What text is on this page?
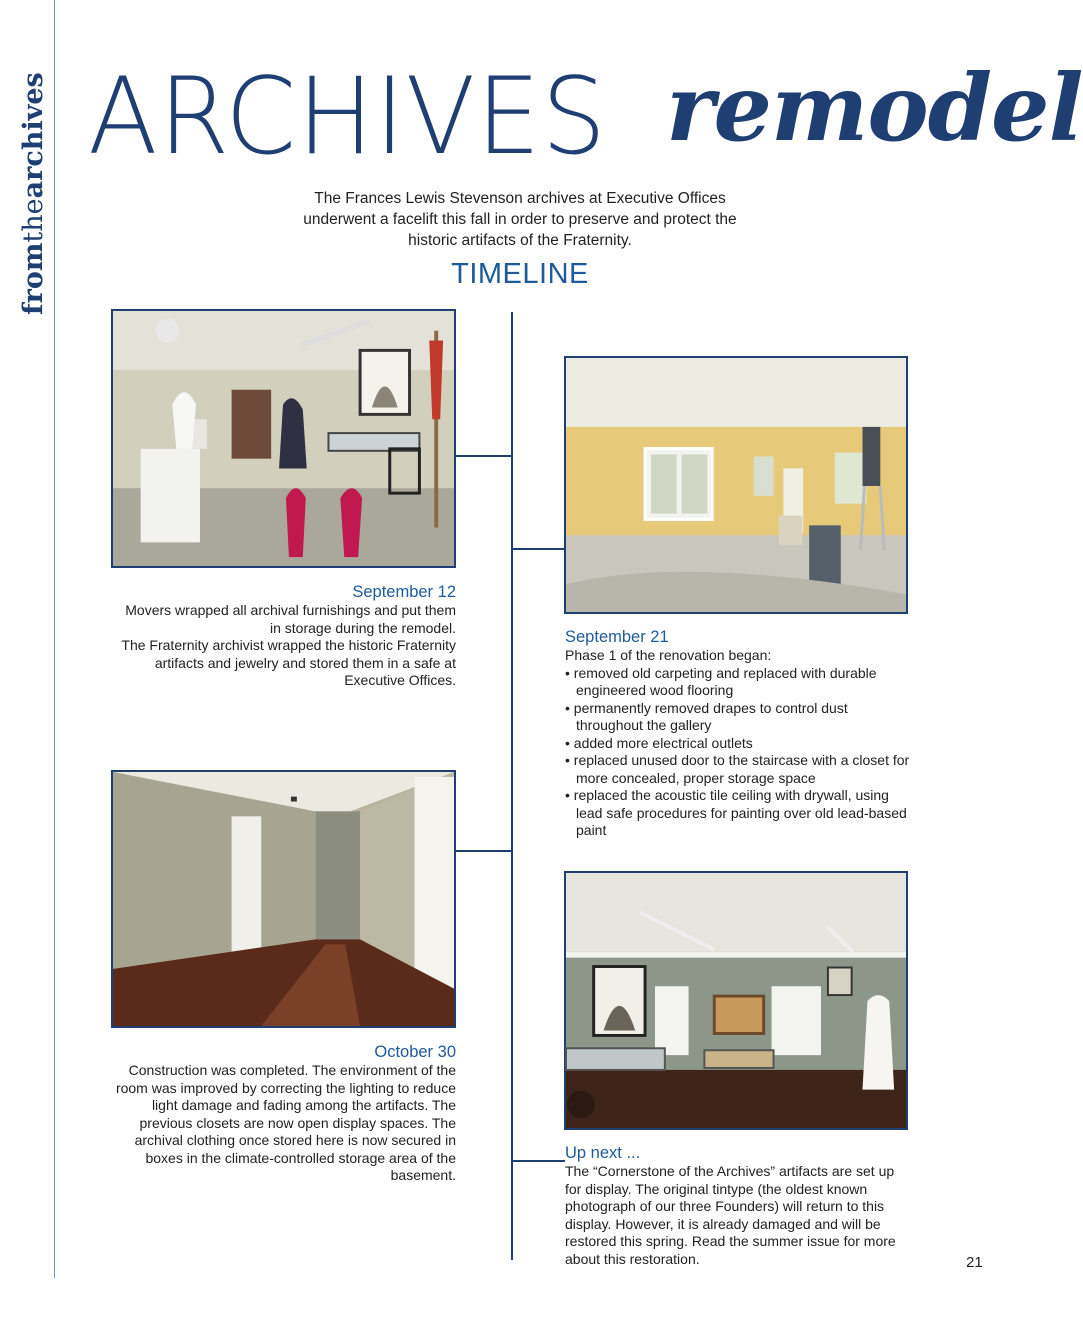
fromthearchives ARCHIVES remodel
The Frances Lewis Stevenson archives at Executive Offices underwent a facelift this fall in order to preserve and protect the historic artifacts of the Fraternity.
TIMELINE
September 12
Movers wrapped all archival furnishings and put them in storage during the remodel.
The Fraternity archivist wrapped the historic Fraternity artifacts and jewelry and stored them in a safe at Executive Offices.
September 21
Phase 1 of the renovation began:
• removed old carpeting and replaced with durable engineered wood flooring
• permanently removed drapes to control dust throughout the gallery
• added more electrical outlets
• replaced unused door to the staircase with a closet for more concealed, proper storage space
• replaced the acoustic tile ceiling with drywall, using lead safe procedures for painting over old lead-based paint
October 30
Construction was completed. The environment of the room was improved by correcting the lighting to reduce light damage and fading among the artifacts. The previous closets are now open display spaces. The archival clothing once stored here is now secured in boxes in the climate-controlled storage area of the basement.
Up next ...
The “Cornerstone of the Archives” artifacts are set up for display. The original tintype (the oldest known photograph of our three Founders) will return to this display. However, it is already damaged and will be restored this spring. Read the summer issue for more about this restoration.	21
